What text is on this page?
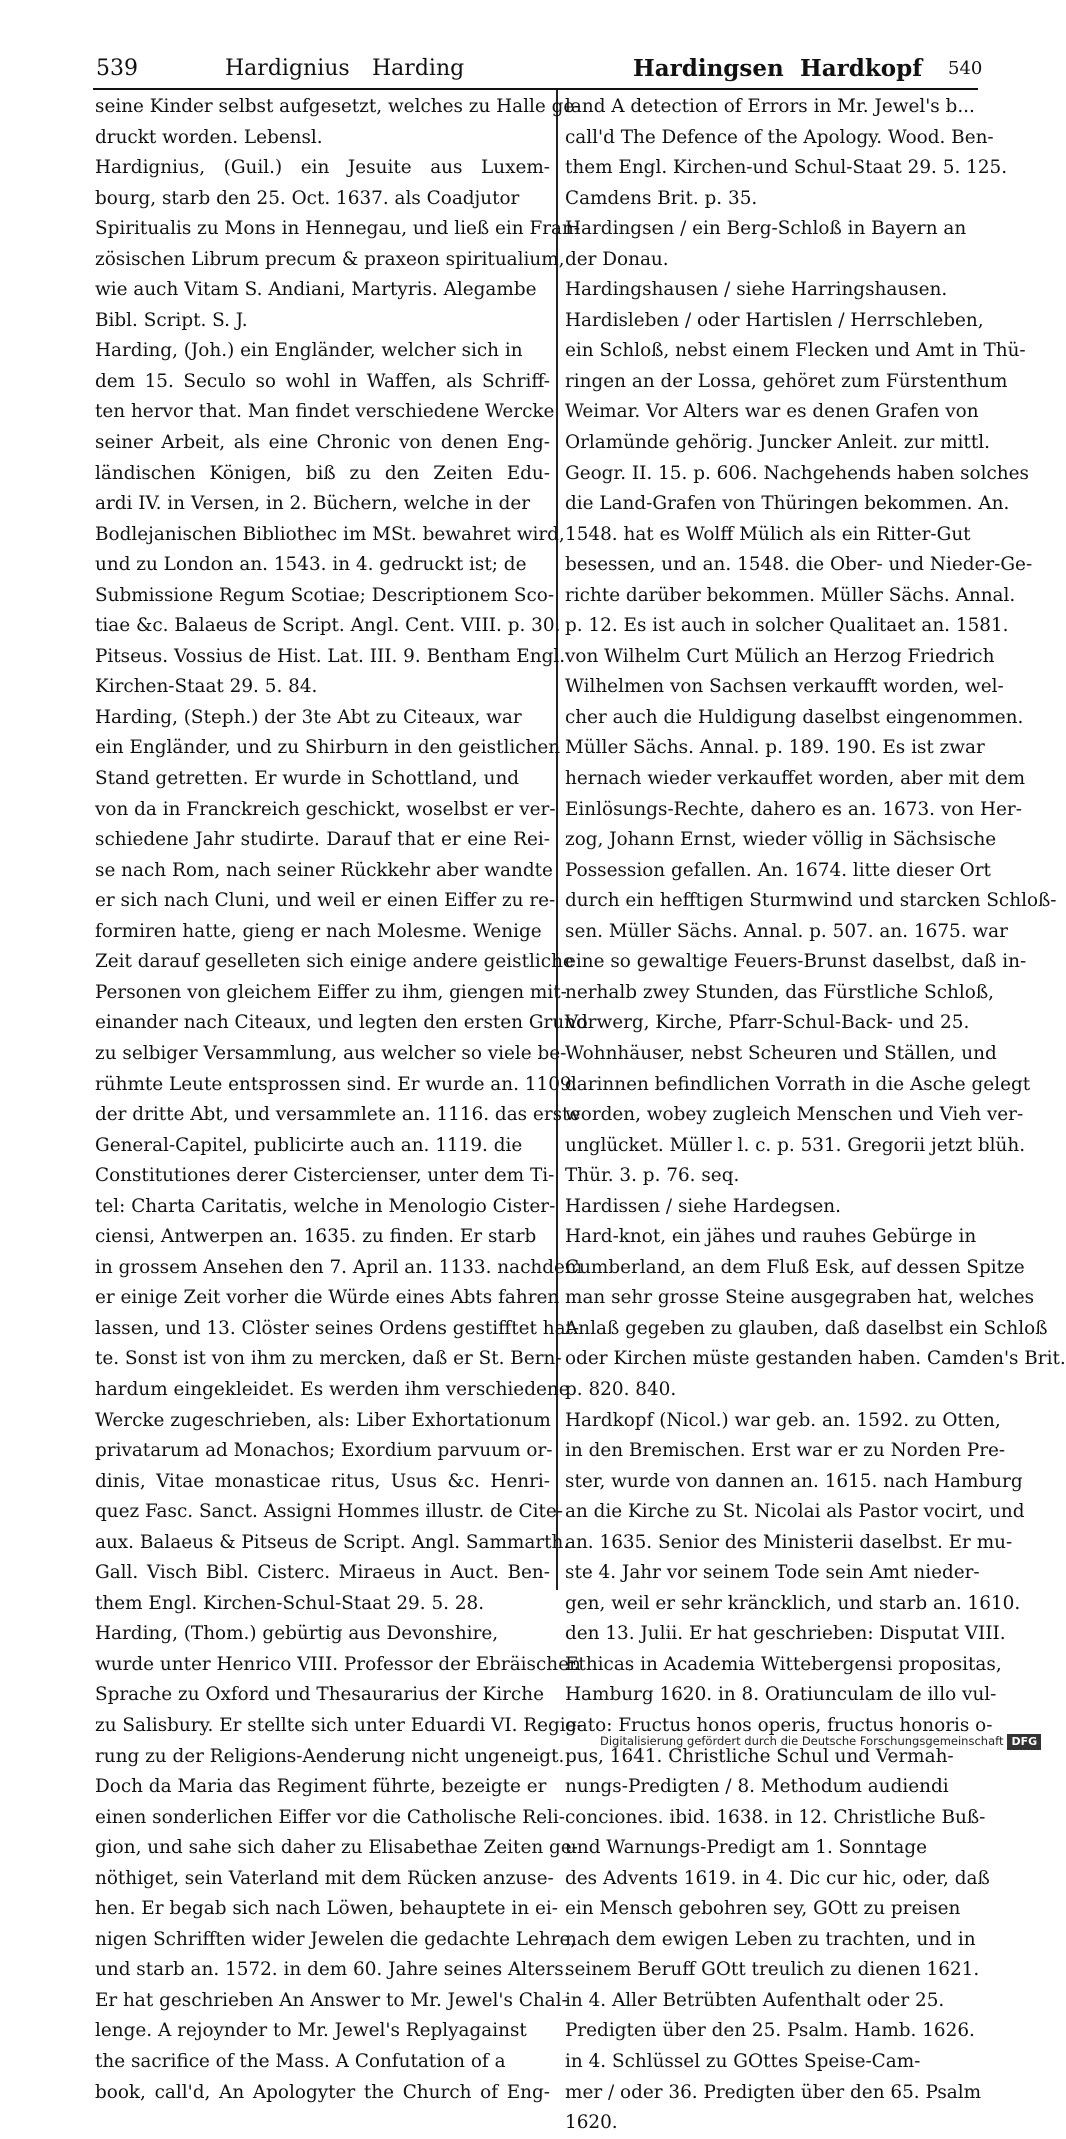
539	Hardignius Harding	Hardingsen Hardkopf 540
seine Kinder selbst aufgesetzt, welches zu Halle ge-
druckt worden. Lebensl.
Hardignius, (Guil.) ein Jesuite aus Luxem-
bourg, starb den 25. Oct. 1637. als Coadjutor
Spiritualis zu Mons in Hennegau, und ließ ein Fran-
zösischen Librum precum & praxeon spiritualium,
wie auch Vitam S. Andiani, Martyris. Alegambe
Bibl. Script. S. J.
Harding, (Joh.) ein Engländer, welcher sich in
dem 15. Seculo so wohl in Waffen, als Schriff-
ten hervor that. Man findet verschiedene Wercke
seiner Arbeit, als eine Chronic von denen Eng-
ländischen Königen, biß zu den Zeiten Edu-
ardi IV. in Versen, in 2. Büchern, welche in der
Bodlejanischen Bibliothec im MSt. bewahret wird,
und zu London an. 1543. in 4. gedruckt ist; de
Submissione Regum Scotiae; Descriptionem Sco-
tiae &c. Balaeus de Script. Angl. Cent. VIII. p. 30.
Pitseus. Vossius de Hist. Lat. III. 9. Bentham Engl.
Kirchen-Staat 29. 5. 84.
Harding, (Steph.) der 3te Abt zu Citeaux, war
ein Engländer, und zu Shirburn in den geistlichen
Stand getretten. Er wurde in Schottland, und
von da in Franckreich geschickt, woselbst er ver-
schiedene Jahr studirte. Darauf that er eine Rei-
se nach Rom, nach seiner Rückkehr aber wandte
er sich nach Cluni, und weil er einen Eiffer zu re-
formiren hatte, gieng er nach Molesme. Wenige
Zeit darauf geselleten sich einige andere geistliche
Personen von gleichem Eiffer zu ihm, giengen mit-
einander nach Citeaux, und legten den ersten Grund
zu selbiger Versammlung, aus welcher so viele be-
rühmte Leute entsprossen sind. Er wurde an. 1109.
der dritte Abt, und versammlete an. 1116. das erste
General-Capitel, publicirte auch an. 1119. die
Constitutiones derer Cistercienser, unter dem Ti-
tel: Charta Caritatis, welche in Menologio Cister-
ciensi, Antwerpen an. 1635. zu finden. Er starb
in grossem Ansehen den 7. April an. 1133. nachdem
er einige Zeit vorher die Würde eines Abts fahren
lassen, und 13. Clöster seines Ordens gestifftet hat-
te. Sonst ist von ihm zu mercken, daß er St. Bern-
hardum eingekleidet. Es werden ihm verschiedene
Wercke zugeschrieben, als: Liber Exhortationum
privatarum ad Monachos; Exordium parvuum or-
dinis, Vitae monasticae ritus, Usus &c. Henri-
quez Fasc. Sanct. Assigni Hommes illustr. de Cite-
aux. Balaeus & Pitseus de Script. Angl. Sammarth.
Gall. Visch Bibl. Cisterc. Miraeus in Auct. Ben-
them Engl. Kirchen-Schul-Staat 29. 5. 28.
Harding, (Thom.) gebürtig aus Devonshire,
wurde unter Henrico VIII. Professor der Ebräischen
Sprache zu Oxford und Thesaurarius der Kirche
zu Salisbury. Er stellte sich unter Eduardi VI. Regie-
rung zu der Religions-Aenderung nicht ungeneigt.
Doch da Maria das Regiment führte, bezeigte er
einen sonderlichen Eiffer vor die Catholische Reli-
gion, und sahe sich daher zu Elisabethae Zeiten ge-
nöthiget, sein Vaterland mit dem Rücken anzuse-
hen. Er begab sich nach Löwen, behauptete in ei-
nigen Schrifften wider Jewelen die gedachte Lehre,
und starb an. 1572. in dem 60. Jahre seines Alters.
Er hat geschrieben An Answer to Mr. Jewel's Chal-
lenge. A rejoynder to Mr. Jewel's Replyagainst
the sacrifice of the Mass. A Confutation of a
book, call'd, An Apologyter the Church of Eng-
land A detection of Errors in Mr. Jewel's b...
call'd The Defence of the Apology. Wood. Ben-
them Engl. Kirchen-und Schul-Staat 29. 5. 125.
Camdens Brit. p. 35.
Hardingsen / ein Berg-Schloß in Bayern an
der Donau.
Hardingshausen / siehe Harringshausen.
Hardisleben / oder Hartislen / Herrschleben,
ein Schloß, nebst einem Flecken und Amt in Thü-
ringen an der Lossa, gehöret zum Fürstenthum
Weimar. Vor Alters war es denen Grafen von
Orlamünde gehörig. Juncker Anleit. zur mittl.
Geogr. II. 15. p. 606. Nachgehends haben solches
die Land-Grafen von Thüringen bekommen. An.
1548. hat es Wolff Mülich als ein Ritter-Gut
besessen, und an. 1548. die Ober- und Nieder-Ge-
richte darüber bekommen. Müller Sächs. Annal.
p. 12. Es ist auch in solcher Qualitaet an. 1581.
von Wilhelm Curt Mülich an Herzog Friedrich
Wilhelmen von Sachsen verkaufft worden, wel-
cher auch die Huldigung daselbst eingenommen.
Müller Sächs. Annal. p. 189. 190. Es ist zwar
hernach wieder verkauffet worden, aber mit dem
Einlösungs-Rechte, dahero es an. 1673. von Her-
zog, Johann Ernst, wieder völlig in Sächsische
Possession gefallen. An. 1674. litte dieser Ort
durch ein hefftigen Sturmwind und starcken Schloß-
sen. Müller Sächs. Annal. p. 507. an. 1675. war
eine so gewaltige Feuers-Brunst daselbst, daß in-
nerhalb zwey Stunden, das Fürstliche Schloß,
Vorwerg, Kirche, Pfarr-Schul-Back- und 25.
Wohnhäuser, nebst Scheuren und Ställen, und
darinnen befindlichen Vorrath in die Asche gelegt
worden, wobey zugleich Menschen und Vieh ver-
unglücket. Müller l. c. p. 531. Gregorii jetzt blüh.
Thür. 3. p. 76. seq.
Hardissen / siehe Hardegsen.
Hard-knot, ein jähes und rauhes Gebürge in
Cumberland, an dem Fluß Esk, auf dessen Spitze
man sehr grosse Steine ausgegraben hat, welches
Anlaß gegeben zu glauben, daß daselbst ein Schloß
oder Kirchen müste gestanden haben. Camden's Brit.
p. 820. 840.
Hardkopf (Nicol.) war geb. an. 1592. zu Otten,
in den Bremischen. Erst war er zu Norden Pre-
ster, wurde von dannen an. 1615. nach Hamburg
an die Kirche zu St. Nicolai als Pastor vocirt, und
an. 1635. Senior des Ministerii daselbst. Er mu-
ste 4. Jahr vor seinem Tode sein Amt nieder-
gen, weil er sehr kräncklich, und starb an. 1610.
den 13. Julii. Er hat geschrieben: Disputat VIII.
Ethicas in Academia Wittebergensi propositas,
Hamburg 1620. in 8. Oratiunculam de illo vul-
gato: Fructus honos operis, fructus honoris o-
pus, 1641. Christliche Schul und Vermah-
nungs-Predigten / 8. Methodum audiendi
conciones. ibid. 1638. in 12. Christliche Buß-
und Warnungs-Predigt am 1. Sonntage
des Advents 1619. in 4. Dic cur hic, oder, daß
ein Mensch gebohren sey, GOtt zu preisen
nach dem ewigen Leben zu trachten, und in
seinem Beruff GOtt treulich zu dienen 1621.
in 4. Aller Betrübten Aufenthalt oder 25.
Predigten über den 25. Psalm. Hamb. 1626.
in 4. Schlüssel zu GOttes Speise-Cam-
mer / oder 36. Predigten über den 65. Psalm
1620.
Digitalisierung gefördert durch die Deutsche Forschungsgemeinschaft DFG
